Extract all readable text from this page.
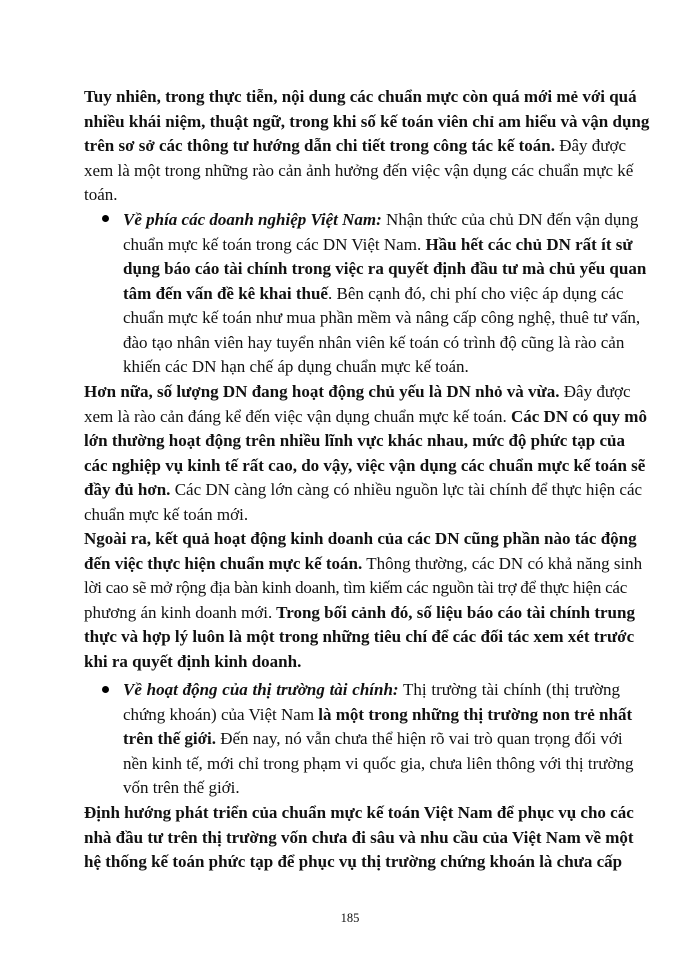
Tuy nhiên, trong thực tiễn, nội dung các chuẩn mực còn quá mới mẻ với quá
nhiều khái niệm, thuật ngữ, trong khi số kế toán viên chỉ am hiểu và vận dụng
trên sơ sở các thông tư hướng dẫn chi tiết trong công tác kế toán. Đây được
xem là một trong những rào cản ảnh hưởng đến việc vận dụng các chuẩn mực kế
toán.
Về phía các doanh nghiệp Việt Nam: Nhận thức của chủ DN đến vận dụng
chuẩn mực kế toán trong các DN Việt Nam. Hầu hết các chủ DN rất ít sử
dụng báo cáo tài chính trong việc ra quyết định đầu tư mà chủ yếu quan
tâm đến vấn đề kê khai thuế. Bên cạnh đó, chi phí cho việc áp dụng các
chuẩn mực kế toán như mua phần mềm và nâng cấp công nghệ, thuê tư vấn,
đào tạo nhân viên hay tuyển nhân viên kế toán có trình độ cũng là rào cản
khiến các DN hạn chế áp dụng chuẩn mực kế toán.
Hơn nữa, số lượng DN đang hoạt động chủ yếu là DN nhỏ và vừa. Đây được
xem là rào cản đáng kể đến việc vận dụng chuẩn mực kế toán. Các DN có quy mô
lớn thường hoạt động trên nhiều lĩnh vực khác nhau, mức độ phức tạp của
các nghiệp vụ kinh tế rất cao, do vậy, việc vận dụng các chuẩn mực kế toán sẽ
đầy đủ hơn. Các DN càng lớn càng có nhiều nguồn lực tài chính để thực hiện các
chuẩn mực kế toán mới.
Ngoài ra, kết quả hoạt động kinh doanh của các DN cũng phần nào tác động
đến việc thực hiện chuẩn mực kế toán. Thông thường, các DN có khả năng sinh
lời cao sẽ mở rộng địa bàn kinh doanh, tìm kiếm các nguồn tài trợ để thực hiện các
phương án kinh doanh mới. Trong bối cảnh đó, số liệu báo cáo tài chính trung
thực và hợp lý luôn là một trong những tiêu chí để các đối tác xem xét trước
khi ra quyết định kinh doanh.
Về hoạt động của thị trường tài chính: Thị trường tài chính (thị trường
chứng khoán) của Việt Nam là một trong những thị trường non trẻ nhất
trên thế giới. Đến nay, nó vẫn chưa thể hiện rõ vai trò quan trọng đối với
nền kinh tế, mới chỉ trong phạm vi quốc gia, chưa liên thông với thị trường
vốn trên thế giới.
Định hướng phát triển của chuẩn mực kế toán Việt Nam để phục vụ cho các
nhà đầu tư trên thị trường vốn chưa đi sâu và nhu cầu của Việt Nam về một
hệ thống kế toán phức tạp để phục vụ thị trường chứng khoán là chưa cấp
185
